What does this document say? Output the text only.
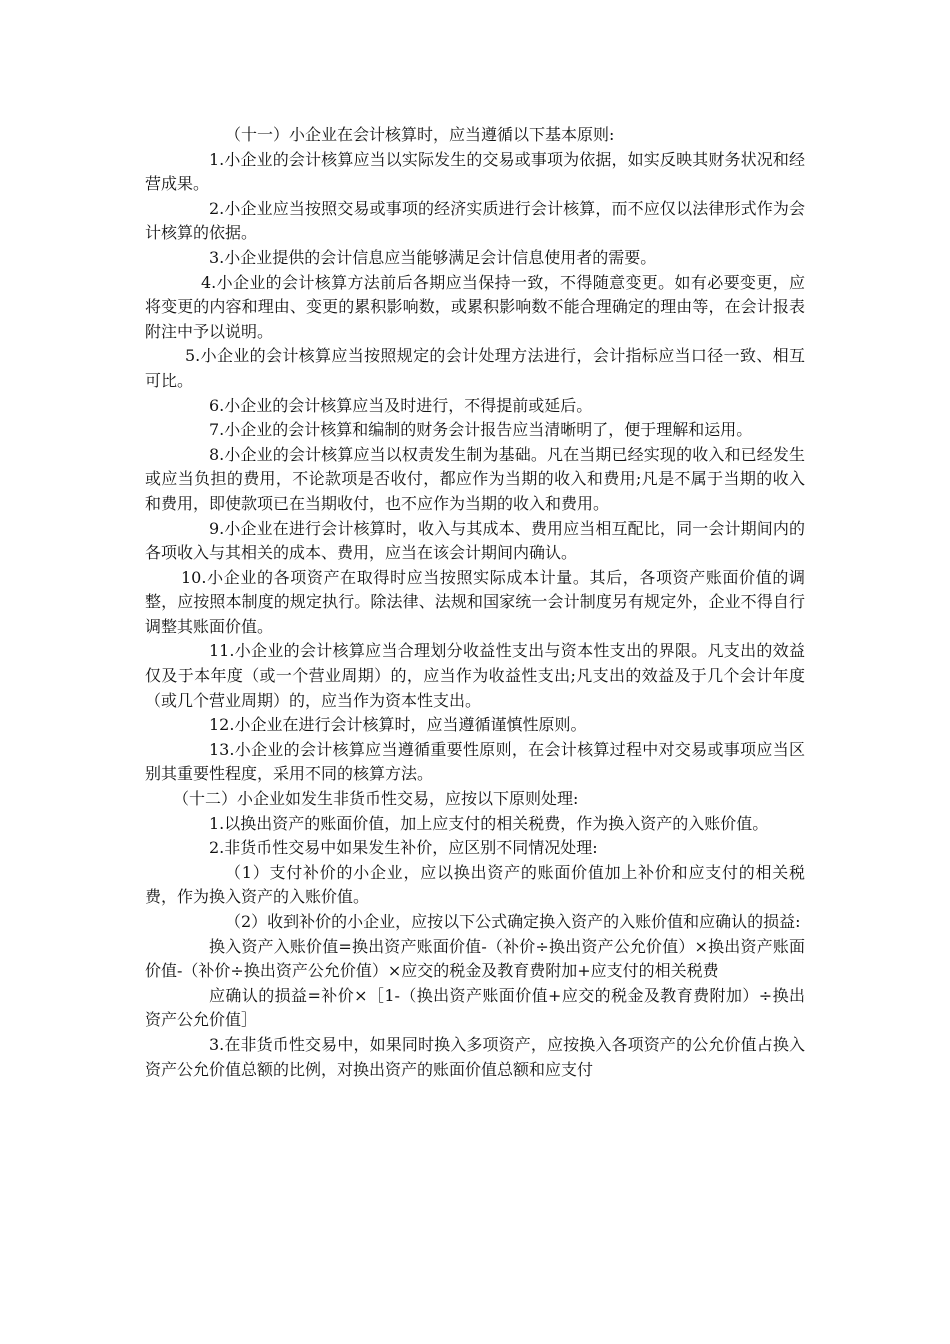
（十一）小企业在会计核算时，应当遵循以下基本原则:

1.小企业的会计核算应当以实际发生的交易或事项为依据，如实反映其财务状况和经营成果。

2.小企业应当按照交易或事项的经济实质进行会计核算，而不应仅以法律形式作为会计核算的依据。

3.小企业提供的会计信息应当能够满足会计信息使用者的需要。

4.小企业的会计核算方法前后各期应当保持一致，不得随意变更。如有必要变更，应将变更的内容和理由、变更的累积影响数，或累积影响数不能合理确定的理由等，在会计报表附注中予以说明。

5.小企业的会计核算应当按照规定的会计处理方法进行，会计指标应当口径一致、相互可比。

6.小企业的会计核算应当及时进行，不得提前或延后。

7.小企业的会计核算和编制的财务会计报告应当清晰明了，便于理解和运用。

8.小企业的会计核算应当以权责发生制为基础。凡在当期已经实现的收入和已经发生或应当负担的费用，不论款项是否收付，都应作为当期的收入和费用;凡是不属于当期的收入和费用，即使款项已在当期收付，也不应作为当期的收入和费用。

9.小企业在进行会计核算时，收入与其成本、费用应当相互配比，同一会计期间内的各项收入与其相关的成本、费用，应当在该会计期间内确认。

10.小企业的各项资产在取得时应当按照实际成本计量。其后，各项资产账面价值的调整，应按照本制度的规定执行。除法律、法规和国家统一会计制度另有规定外，企业不得自行调整其账面价值。

11.小企业的会计核算应当合理划分收益性支出与资本性支出的界限。凡支出的效益仅及于本年度（或一个营业周期）的，应当作为收益性支出;凡支出的效益及于几个会计年度（或几个营业周期）的，应当作为资本性支出。

12.小企业在进行会计核算时，应当遵循谨慎性原则。

13.小企业的会计核算应当遵循重要性原则，在会计核算过程中对交易或事项应当区别其重要性程度，采用不同的核算方法。

（十二）小企业如发生非货币性交易，应按以下原则处理:

1.以换出资产的账面价值，加上应支付的相关税费，作为换入资产的入账价值。

2.非货币性交易中如果发生补价，应区别不同情况处理:

（1）支付补价的小企业，应以换出资产的账面价值加上补价和应支付的相关税费，作为换入资产的入账价值。

（2）收到补价的小企业，应按以下公式确定换入资产的入账价值和应确认的损益:

换入资产入账价值=换出资产账面价值-（补价÷换出资产公允价值）×换出资产账面价值-（补价÷换出资产公允价值）×应交的税金及教育费附加+应支付的相关税费

应确认的损益=补价×［1-（换出资产账面价值+应交的税金及教育费附加）÷换出资产公允价值］

3.在非货币性交易中，如果同时换入多项资产，应按换入各项资产的公允价值占换入资产公允价值总额的比例，对换出资产的账面价值总额和应支付
